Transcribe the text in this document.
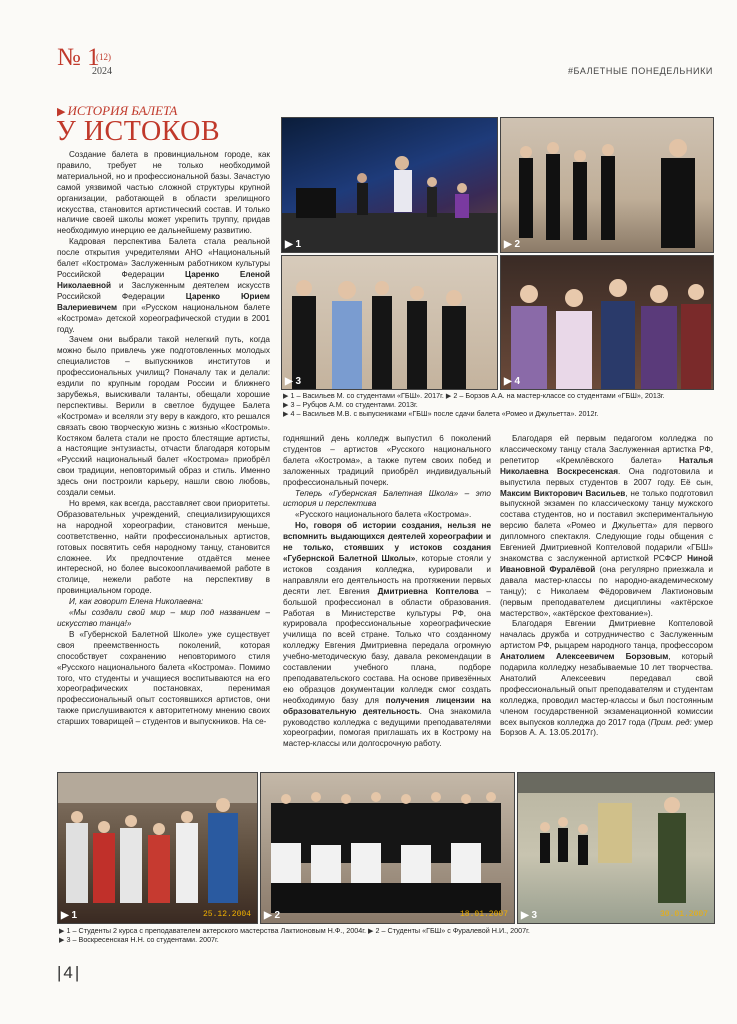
№ 1
(12)
2024	#БАЛЕТНЫЕ ПОНЕДЕЛЬНИКИ
▶ ИСТОРИЯ БАЛЕТА
У ИСТОКОВ
▶ 1	▶ 2
▶ 3	▶ 4
▶ 1 – Васильев М. со студентами «ГБШ». 2017г. ▶ 2 – Борзов А.А. на мастер-классе со студентами «ГБШ», 2013г.
▶ 3 – Рубцов А.М. со студентами. 2013г.
▶ 4 – Васильев М.В. с выпускниками «ГБШ» после сдачи балета «Ромео и Джульетта». 2012г.

Создание балета в провинциальном городе, как правило, требует не только необходимой материальной, но и профессиональной базы. Зачастую самой уязвимой частью сложной структуры крупной организации, работающей в области зрелищного искусства, становится артистический состав. И только наличие своей школы может укрепить труппу, придав необходимую инерцию ее дальнейшему развитию.

Кадровая перспектива Балета стала реальной после открытия учредителями АНО «Национальный балет «Кострома» Заслуженным работником культуры Российской Федерации Царенко Еленой Николаевной и Заслуженным деятелем искусств Российской Федерации Царенко Юрием Валериевичем при «Русском национальном балете «Кострома» детской хореографической студии в 2001 году.

Зачем они выбрали такой нелегкий путь, когда можно было привлечь уже подготовленных молодых специалистов – выпускников институтов и профессиональных училищ? Поначалу так и делали: ездили по крупным городам России и ближнего зарубежья, выискивали таланты, обещали хорошие перспективы. Верили в светлое будущее Балета «Кострома» и вселяли эту веру в каждого, кто решался связать свою творческую жизнь с жизнью «Костромы». Костяком балета стали не просто блестящие артисты, а настоящие энтузиасты, отчасти благодаря которым «Русский национальный балет «Кострома» приобрёл свои традиции, неповторимый образ и стиль. Именно здесь они построили карьеру, нашли свою любовь, создали семьи.

Но время, как всегда, расставляет свои приоритеты. Образовательных учреждений, специализирующихся на народной хореографии, становится меньше, соответственно, найти профессиональных артистов, готовых посвятить себя народному танцу, становится сложнее. Их предпочтение отдаётся менее интересной, но более высокооплачиваемой работе в столице, нежели работе на перспективу в провинциальном городе.

И, как говорит Елена Николаевна:

«Мы создали свой мир – мир под названием – искусство танца!»

В «Губернской Балетной Школе» уже существует своя преемственность поколений, которая способствует сохранению неповторимого стиля «Русского национального балета «Кострома». Помимо того, что студенты и учащиеся воспитываются на его хореографических постановках, перенимая профессиональный опыт состоявшихся артистов, они также прислушиваются к авторитетному мнению своих старших товарищей – студентов и выпускников. На се-

годняшний день колледж выпустил 6 поколений студентов – артистов «Русского национального балета «Кострома», а также путем своих побед и заложенных традиций приобрёл индивидуальный профессиональный почерк.

Теперь «Губернская Балетная Школа» – это история и перспектива

«Русского национального балета «Кострома».

Но, говоря об истории создания, нельзя не вспомнить выдающихся деятелей хореографии и не только, стоявших у истоков создания «Губернской Балетной Школы», которые стояли у истоков создания колледжа, курировали и направляли его деятельность на протяжении первых десяти лет. Евгения Дмитриевна Коптелова – большой профессионал в области образования. Работая в Министерстве культуры РФ, она курировала профессиональные хореографические училища по всей стране. Только что созданному колледжу Евгения Дмитриевна передала огромную учебно-методическую базу, давала рекомендации в составлении учебного плана, подборе преподавательского состава. На основе привезённых ею образцов документации колледж смог создать необходимую базу для получения лицензии на образовательную деятельность. Она знакомила руководство колледжа с ведущими преподавателями хореографии, помогая приглашать их в Кострому на мастер-классы или долгосрочную работу.

Благодаря ей первым педагогом колледжа по классическому танцу стала Заслуженная артистка РФ, репетитор «Кремлёвского балета» Наталья Николаевна Воскресенская. Она подготовила и выпустила первых студентов в 2007 году. Её сын, Максим Викторович Васильев, не только подготовил выпускной экзамен по классическому танцу мужского состава студентов, но и поставил экспериментальную версию балета «Ромео и Джульетта» для первого дипломного спектакля. Следующие годы общения с Евгенией Дмитриевной Коптеловой подарили «ГБШ» знакомства с заслуженной артисткой РСФСР Ниной Ивановной Фуралёвой (она регулярно приезжала и давала мастер-классы по народно-академическому танцу); с Николаем Фёдоровичем Лактионовым (первым преподавателем дисциплины «актёрское мастерство», «актёрское фехтование»).

Благодаря Евгении Дмитриевне Коптеловой началась дружба и сотрудничество с Заслуженным артистом РФ, рыцарем народного танца, профессором Анатолием Алексеевичем Борзовым, который подарила колледжу незабываемые 10 лет творчества. Анатолий Алексеевич передавал свой профессиональный опыт преподавателям и студентам колледжа, проводил мастер-классы и был постоянным членом государственной экзаменационной комиссии всех выпусков колледжа до 2017 года (Прим. ред: умер Борзов А. А. 13.05.2017г).

▶ 1	25.12.2004 ▶ 2	18.01.2007 ▶ 3	30.01.2007
▶ 1 – Студенты 2 курса с преподавателем актерского мастерства Лактионовым Н.Ф., 2004г. ▶ 2 – Студенты «ГБШ» с Фуралевой Н.И., 2007г.
▶ 3 – Воскресенская Н.Н. со студентами. 2007г.
|4|
